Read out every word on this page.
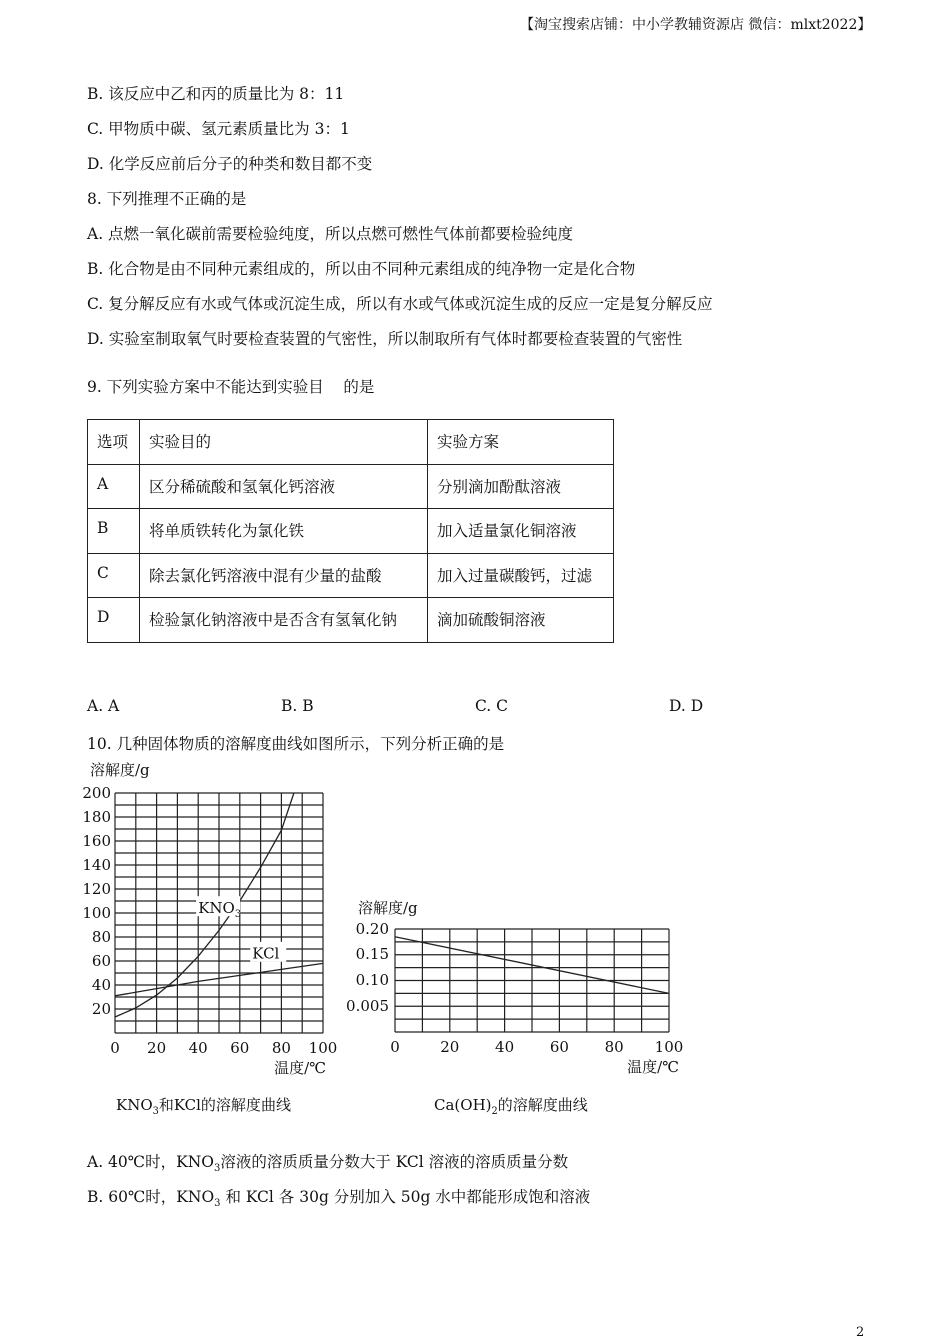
【淘宝搜索店铺：中小学教辅资源店 微信：mlxt2022】
B. 该反应中乙和丙的质量比为 8：11
C. 甲物质中碳、氢元素质量比为 3：1
D. 化学反应前后分子的种类和数目都不变
8. 下列推理不正确的是
A. 点燃一氧化碳前需要检验纯度，所以点燃可燃性气体前都要检验纯度
B. 化合物是由不同种元素组成的，所以由不同种元素组成的纯净物一定是化合物
C. 复分解反应有水或气体或沉淀生成，所以有水或气体或沉淀生成的反应一定是复分解反应
D. 实验室制取氧气时要检查装置的气密性，所以制取所有气体时都要检查装置的气密性
9. 下列实验方案中不能达到实验目    的是
选项	实验目的	实验方案
A	区分稀硫酸和氢氧化钙溶液	分别滴加酚酞溶液
B	将单质铁转化为氯化铁	加入适量氯化铜溶液
C	除去氯化钙溶液中混有少量的盐酸	加入过量碳酸钙，过滤
D	检验氯化钠溶液中是否含有氢氧化钠	滴加硫酸铜溶液
A. A	B. B	C. C	D. D
10. 几种固体物质的溶解度曲线如图所示，下列分析正确的是
20
40
60
80
100
120
140
160
180
200
0 20 40 60 80 100
溶解度/g
温度/℃
$KNO_3$
KCl
$KNO_3$和KCl的溶解度曲线
0.005
0.10
0.15
0.20
0	20 40 60 80 100
溶解度/g
温度/℃
$Ca(OH)_2$的溶解度曲线
A. 40℃时，$KNO_3$溶液的溶质质量分数大于 KCl 溶液的溶质质量分数
B. 60℃时，$KNO_3$ 和 KCl 各 30g 分别加入 50g 水中都能形成饱和溶液
2
